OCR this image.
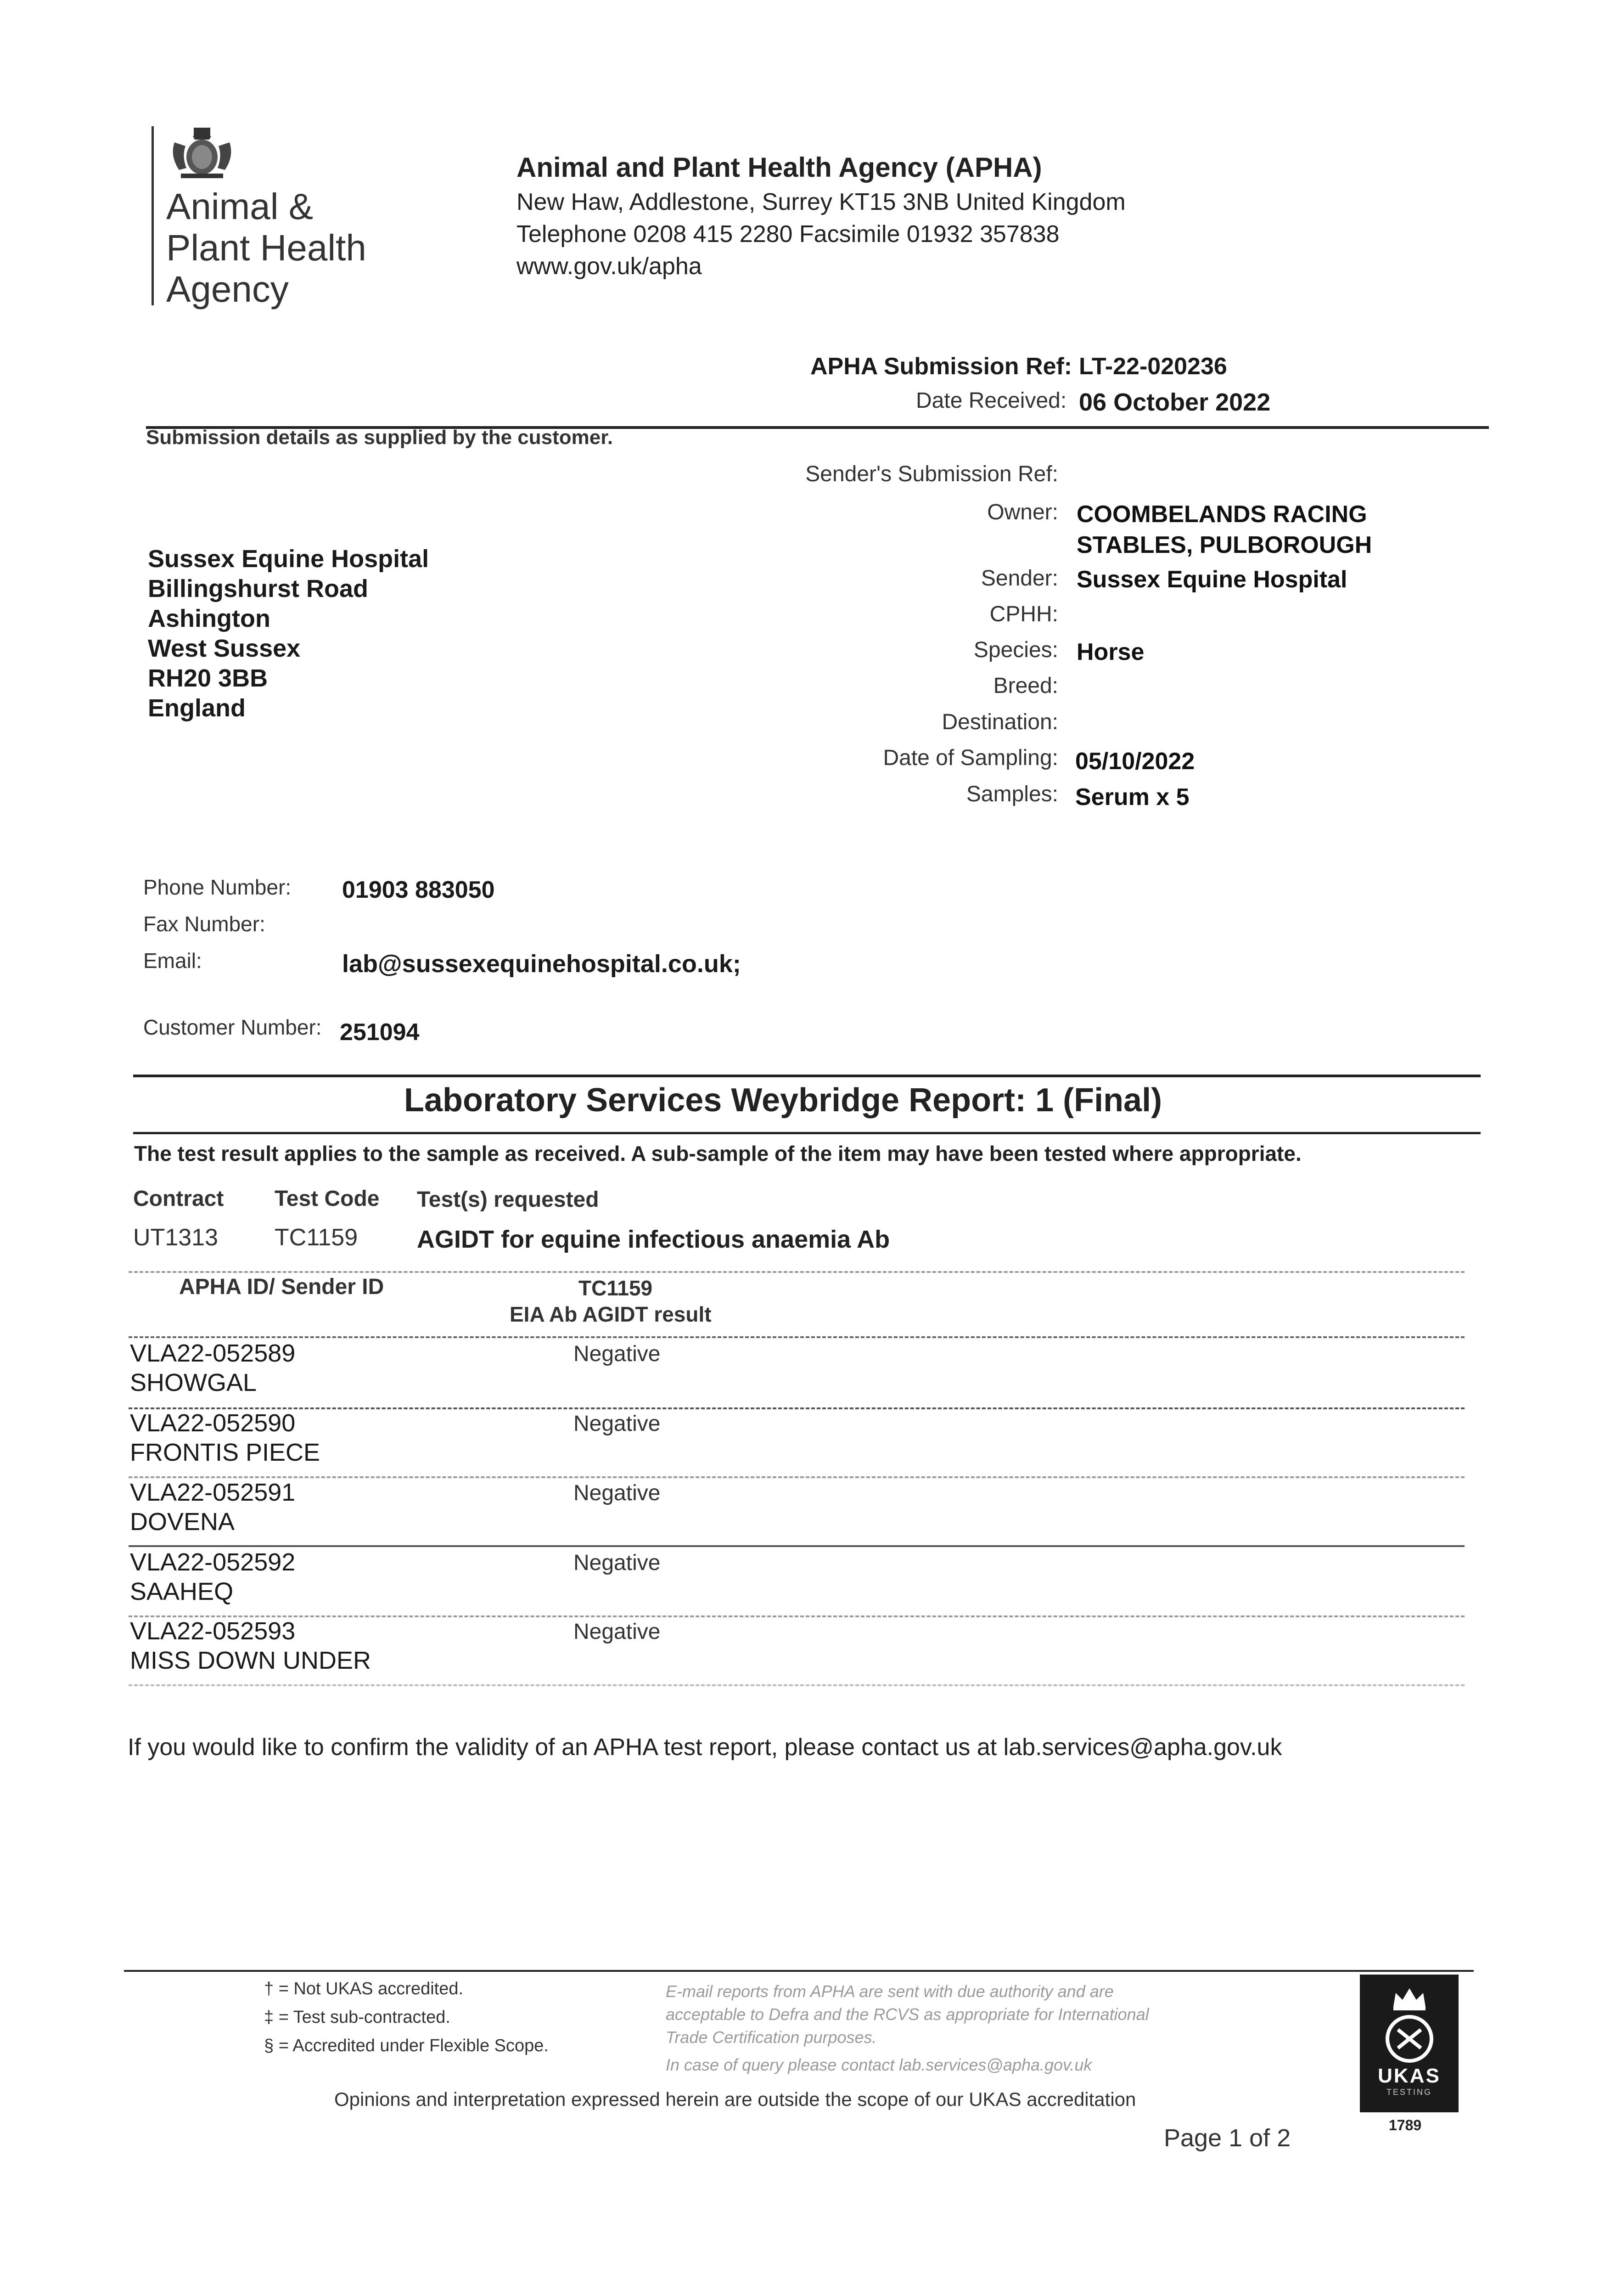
Animal &
Plant Health
Agency
Animal and Plant Health Agency (APHA)
New Haw, Addlestone, Surrey KT15 3NB United Kingdom
Telephone 0208 415 2280 Facsimile 01932 357838
www.gov.uk/apha
APHA Submission Ref: LT-22-020236
Date Received: 06 October 2022
Submission details as supplied by the customer.
Sussex Equine Hospital
Billingshurst Road
Ashington
West Sussex
RH20 3BB
England
Sender's Submission Ref:
Owner: COOMBELANDS RACING
STABLES, PULBOROUGH
Sender: Sussex Equine Hospital
CPHH:
Species: Horse
Breed:
Destination:
Date of Sampling: 05/10/2022
Samples: Serum x 5
Phone Number: 01903 883050
Fax Number:
Email:	lab@sussexequinehospital.co.uk;
Customer Number: 251094
Laboratory Services Weybridge Report: 1 (Final)
The test result applies to the sample as received. A sub-sample of the item may have been tested where appropriate.
Contract Test Code Test(s) requested
UT1313 TC1159 AGIDT for equine infectious anaemia Ab
APHA ID/ Sender ID	TC1159
EIA Ab AGIDT result
VLA22-052589
SHOWGAL
Negative
VLA22-052590
FRONTIS PIECE
Negative
VLA22-052591
DOVENA
Negative
VLA22-052592
SAAHEQ
Negative
VLA22-052593
MISS DOWN UNDER
Negative
If you would like to confirm the validity of an APHA test report, please contact us at lab.services@apha.gov.uk
† = Not UKAS accredited.
‡ = Test sub-contracted.
§ = Accredited under Flexible Scope.
E-mail reports from APHA are sent with due authority and are
acceptable to Defra and the RCVS as appropriate for International
Trade Certification purposes.
In case of query please contact lab.services@apha.gov.uk
Opinions and interpretation expressed herein are outside the scope of our UKAS accreditation
Page 1 of 2
UKAS
TESTING
1789
